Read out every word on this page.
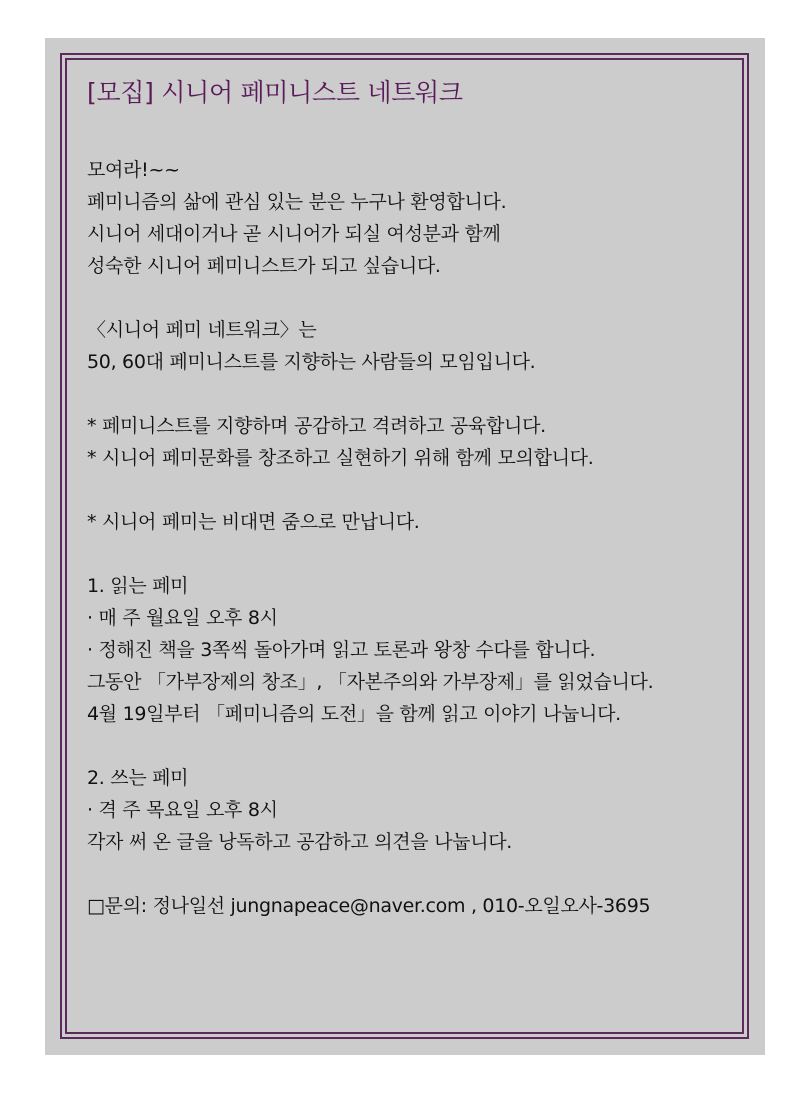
[모집] 시니어 페미니스트 네트워크
모여라!~~
페미니즘의 삶에 관심 있는 분은 누구나 환영합니다.
시니어 세대이거나 곧 시니어가 되실 여성분과 함께
성숙한 시니어 페미니스트가 되고 싶습니다.
〈시니어 페미 네트워크〉는
50, 60대 페미니스트를 지향하는 사람들의 모임입니다.
* 페미니스트를 지향하며 공감하고 격려하고 공육합니다.
* 시니어 페미문화를 창조하고 실현하기 위해 함께 모의합니다.
* 시니어 페미는 비대면 줌으로 만납니다.
1. 읽는 페미
· 매 주 월요일 오후 8시
· 정해진 책을 3쪽씩 돌아가며 읽고 토론과 왕창 수다를 합니다.
그동안 「가부장제의 창조」, 「자본주의와 가부장제」를 읽었습니다.
4월 19일부터 「페미니즘의 도전」을 함께 읽고 이야기 나눕니다.
2. 쓰는 페미
· 격 주 목요일 오후 8시
각자 써 온 글을 낭독하고 공감하고 의견을 나눕니다.
□문의: 정나일선 jungnapeace@naver.com , 010-오일오사-3695
